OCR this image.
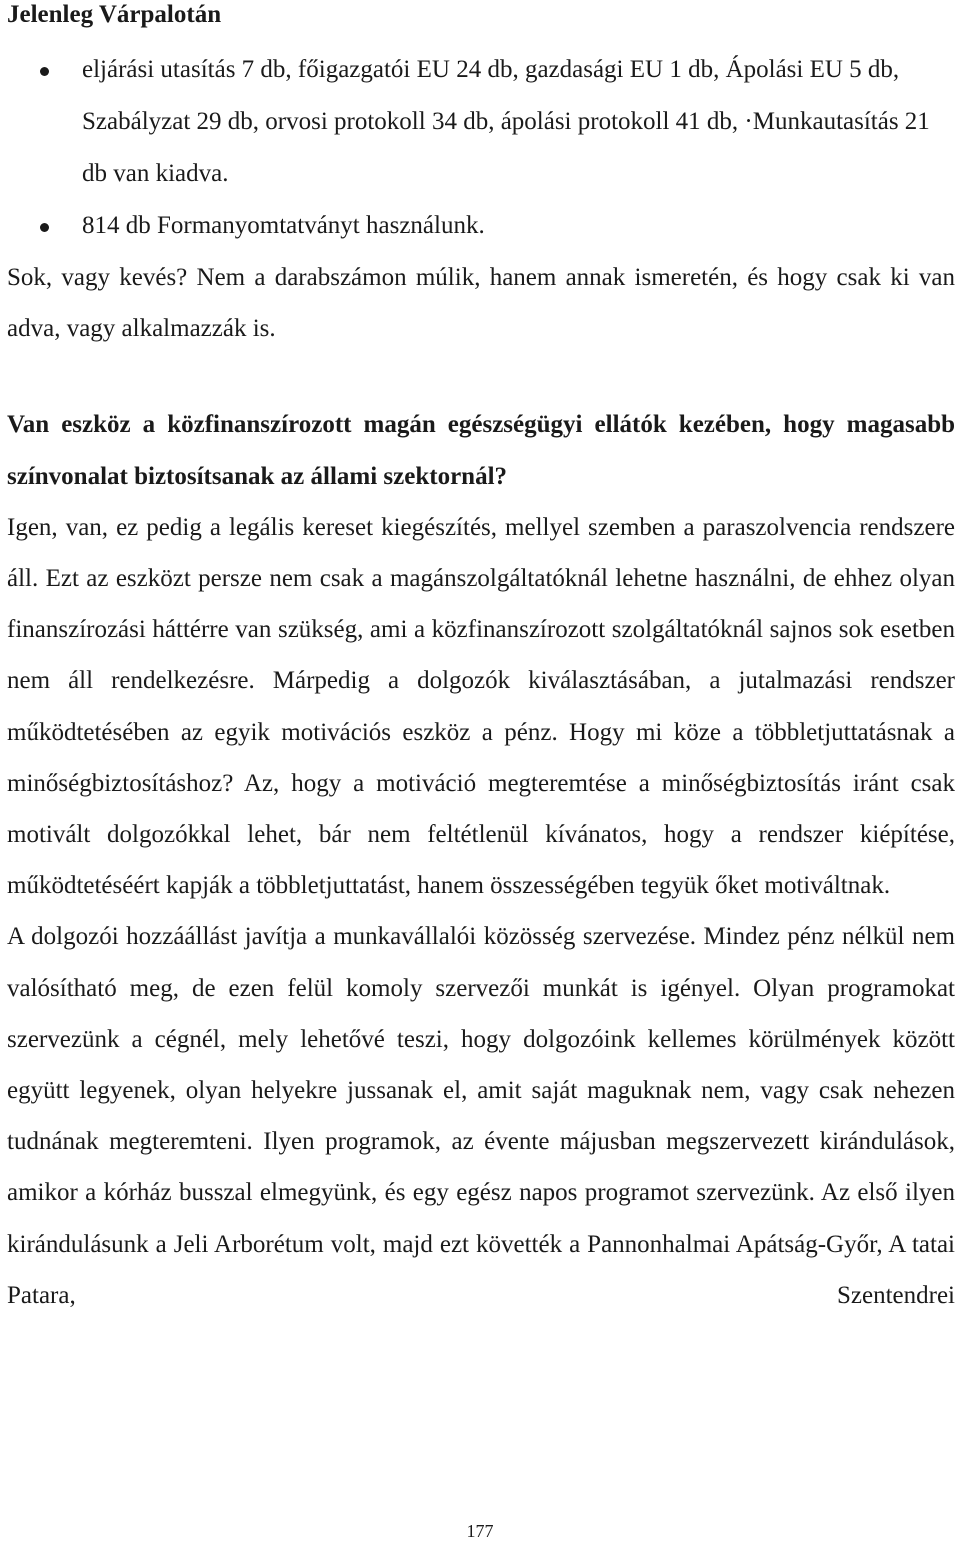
Jelenleg Várpalotán
eljárási utasítás 7 db, főigazgatói EU 24 db, gazdasági EU 1 db, Ápolási EU 5 db, Szabályzat 29 db, orvosi protokoll 34 db, ápolási protokoll 41 db, ·Munkautasítás 21 db van kiadva.
814 db Formanyomtatványt használunk.

Sok, vagy kevés? Nem a darabszámon múlik, hanem annak ismeretén, és hogy csak ki van adva, vagy alkalmazzák is.

Van eszköz a közfinanszírozott magán egészségügyi ellátók kezében, hogy magasabb színvonalat biztosítsanak az állami szektornál?

Igen, van, ez pedig a legális kereset kiegészítés, mellyel szemben a paraszolvencia rendszere áll. Ezt az eszközt persze nem csak a magánszolgáltatóknál lehetne használni, de ehhez olyan finanszírozási háttérre van szükség, ami a közfinanszírozott szolgáltatóknál sajnos sok esetben nem áll rendelkezésre. Márpedig a dolgozók kiválasztásában, a jutalmazási rendszer működtetésében az egyik motivációs eszköz a pénz. Hogy mi köze a többletjuttatásnak a minőségbiztosításhoz? Az, hogy a motiváció megteremtése a minőségbiztosítás iránt csak motivált dolgozókkal lehet, bár nem feltétlenül kívánatos, hogy a rendszer kiépítése, működtetéséért kapják a többletjuttatást, hanem összességében tegyük őket motiváltnak.

A dolgozói hozzáállást javítja a munkavállalói közösség szervezése. Mindez pénz nélkül nem valósítható meg, de ezen felül komoly szervezői munkát is igényel. Olyan programokat szervezünk a cégnél, mely lehetővé teszi, hogy dolgozóink kellemes körülmények között együtt legyenek, olyan helyekre jussanak el, amit saját maguknak nem, vagy csak nehezen tudnának megteremteni. Ilyen programok, az évente májusban megszervezett kirándulások, amikor a kórház busszal elmegyünk, és egy egész napos programot szervezünk. Az első ilyen kirándulásunk a Jeli Arborétum volt, majd ezt követték a Pannonhalmai Apátság-Győr, A tatai Patara, Szentendrei

177
